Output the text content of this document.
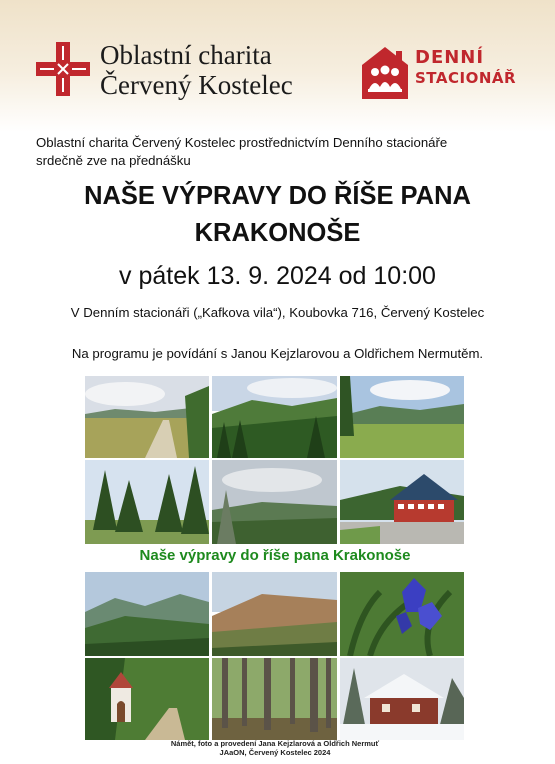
Oblastní charita
Červený Kostelec
DENNÍ
STACIONÁŘ
Oblastní charita Červený Kostelec prostřednictvím Denního stacionáře
srdečně zve na přednášku
NAŠE VÝPRAVY DO ŘÍŠE PANA
KRAKONOŠE
v pátek 13. 9. 2024 od 10:00
V Denním stacionáři („Kafkova vila“), Koubovka 716, Červený Kostelec
Na programu je povídání s Janou Kejzlarovou a Oldřichem Nermutěm.
Naše výpravy do říše pana Krakonoše
Námět, foto a provedení Jana Kejzlarová a Oldřich Nermuť
JAaON, Červený Kostelec 2024
